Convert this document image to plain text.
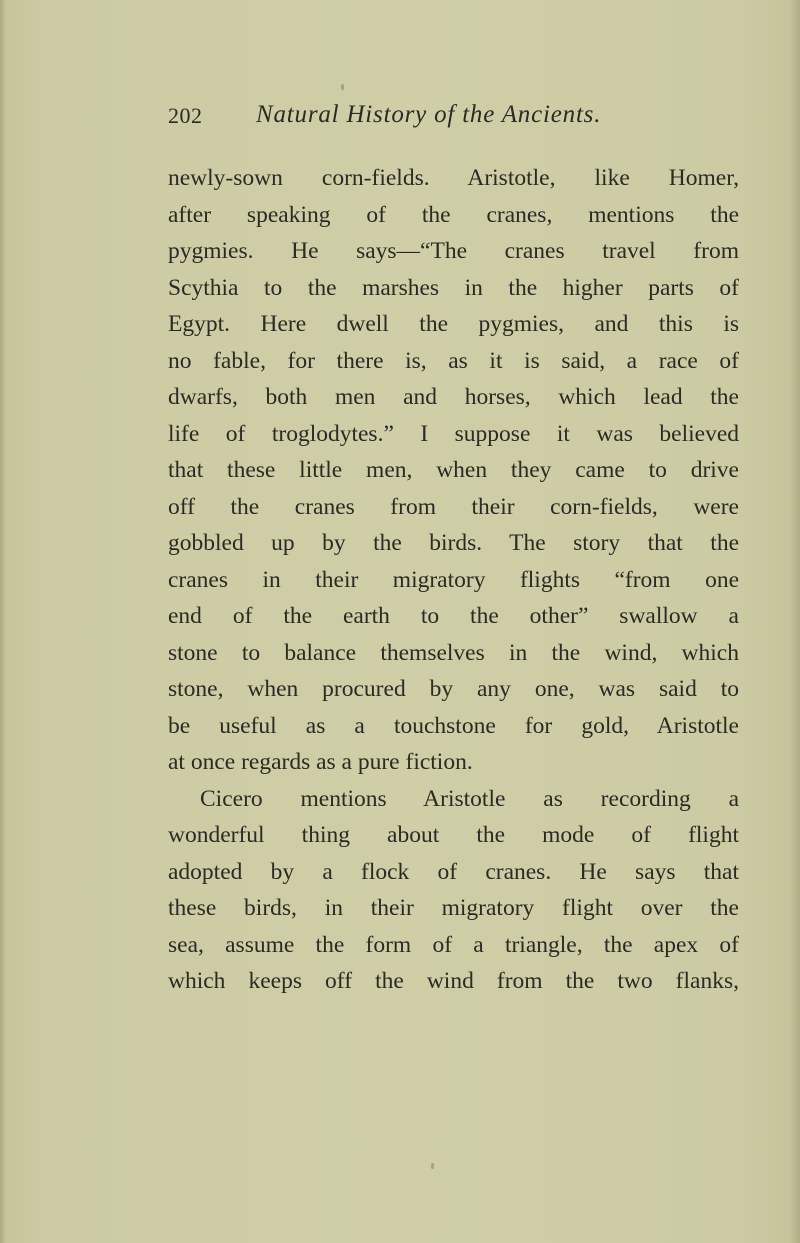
202 Natural History of the Ancients.
newly-sown corn-fields. Aristotle, like Homer,
after speaking of the cranes, mentions the
pygmies. He says—“The cranes travel from
Scythia to the marshes in the higher parts of
Egypt. Here dwell the pygmies, and this is
no fable, for there is, as it is said, a race of
dwarfs, both men and horses, which lead the
life of troglodytes.” I suppose it was believed
that these little men, when they came to drive
off the cranes from their corn-fields, were
gobbled up by the birds. The story that the
cranes in their migratory flights “from one
end of the earth to the other” swallow a
stone to balance themselves in the wind, which
stone, when procured by any one, was said to
be useful as a touchstone for gold, Aristotle
at once regards as a pure fiction.
Cicero mentions Aristotle as recording a
wonderful thing about the mode of flight
adopted by a flock of cranes. He says that
these birds, in their migratory flight over the
sea, assume the form of a triangle, the apex of
which keeps off the wind from the two flanks,
